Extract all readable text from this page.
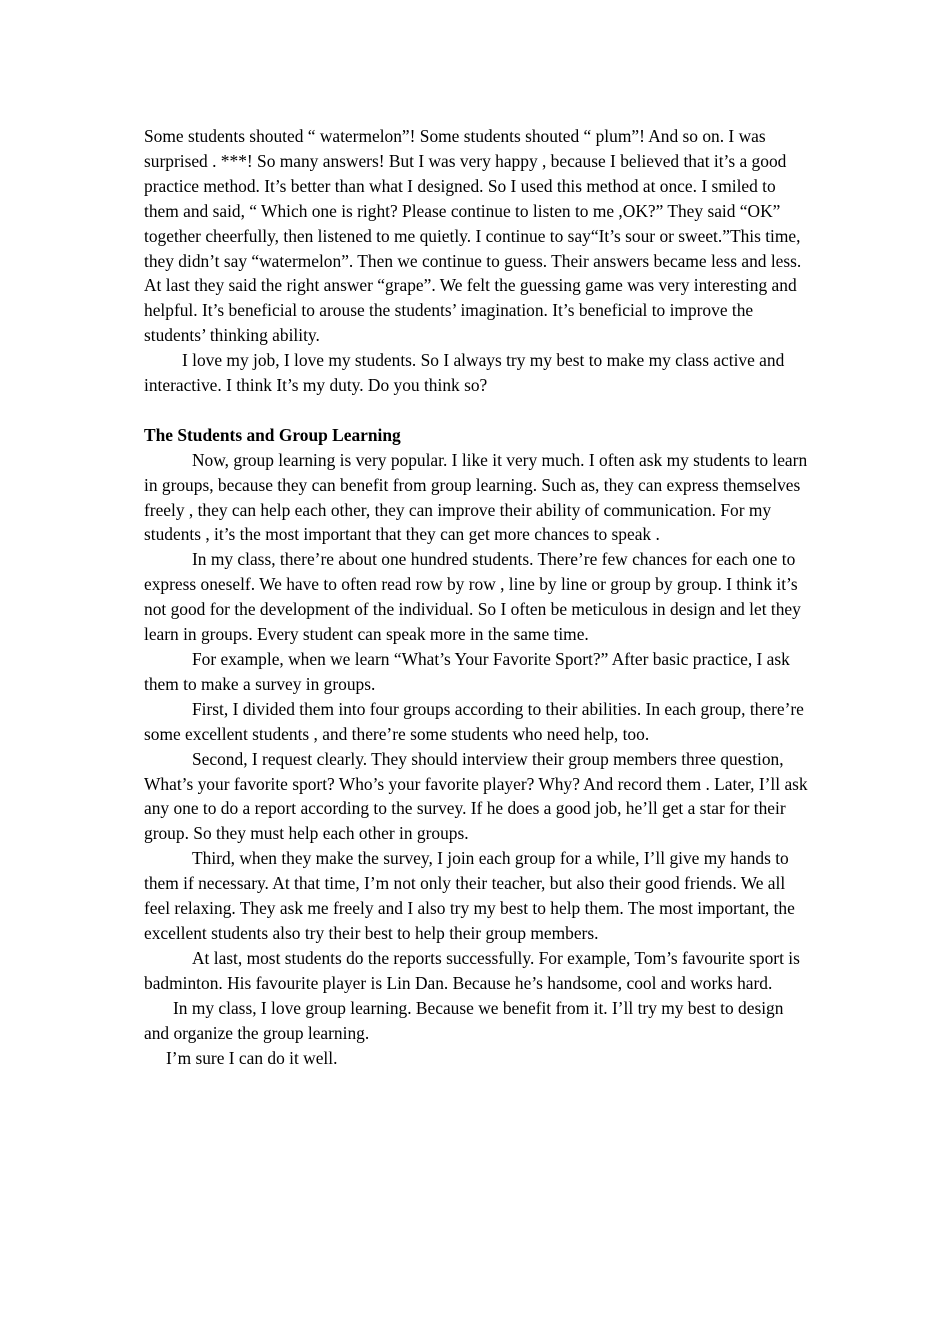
Some students shouted “ watermelon”! Some students shouted “ plum”! And so on. I was surprised . ***! So many answers! But I was very happy , because I believed that it’s a good practice method. It’s better than what I designed. So I used this method at once. I smiled to them and said, “ Which one is right? Please continue to listen to me ,OK?” They said “OK” together cheerfully, then listened to me quietly. I continue to say“It’s sour or sweet.”This time, they didn’t say “watermelon”. Then we continue to guess. Their answers became less and less. At last they said the right answer “grape”. We felt the guessing game was very interesting and helpful. It’s beneficial to arouse the students’ imagination. It’s beneficial to improve the students’ thinking ability.

I love my job, I love my students. So I always try my best to make my class active and interactive. I think It’s my duty. Do you think so?

The Students and Group Learning

Now, group learning is very popular. I like it very much. I often ask my students to learn in groups, because they can benefit from group learning. Such as, they can express themselves freely , they can help each other, they can improve their ability of communication. For my students , it’s the most important that they can get more chances to speak .

In my class, there’re about one hundred students. There’re few chances for each one to express oneself. We have to often read row by row , line by line or group by group. I think it’s not good for the development of the individual. So I often be meticulous in design and let they learn in groups. Every student can speak more in the same time.

For example, when we learn “What’s Your Favorite Sport?” After basic practice, I ask them to make a survey in groups.

First, I divided them into four groups according to their abilities. In each group, there’re some excellent students , and there’re some students who need help, too.

Second, I request clearly. They should interview their group members three question, What’s your favorite sport? Who’s your favorite player? Why? And record them . Later, I’ll ask any one to do a report according to the survey. If he does a good job, he’ll get a star for their group. So they must help each other in groups.

Third, when they make the survey, I join each group for a while, I’ll give my hands to them if necessary. At that time, I’m not only their teacher, but also their good friends. We all feel relaxing. They ask me freely and I also try my best to help them. The most important, the excellent students also try their best to help their group members.

At last, most students do the reports successfully. For example, Tom’s favourite sport is badminton. His favourite player is Lin Dan. Because he’s handsome, cool and works hard.

In my class, I love group learning. Because we benefit from it. I’ll try my best to design and organize the group learning.

I’m sure I can do it well.
